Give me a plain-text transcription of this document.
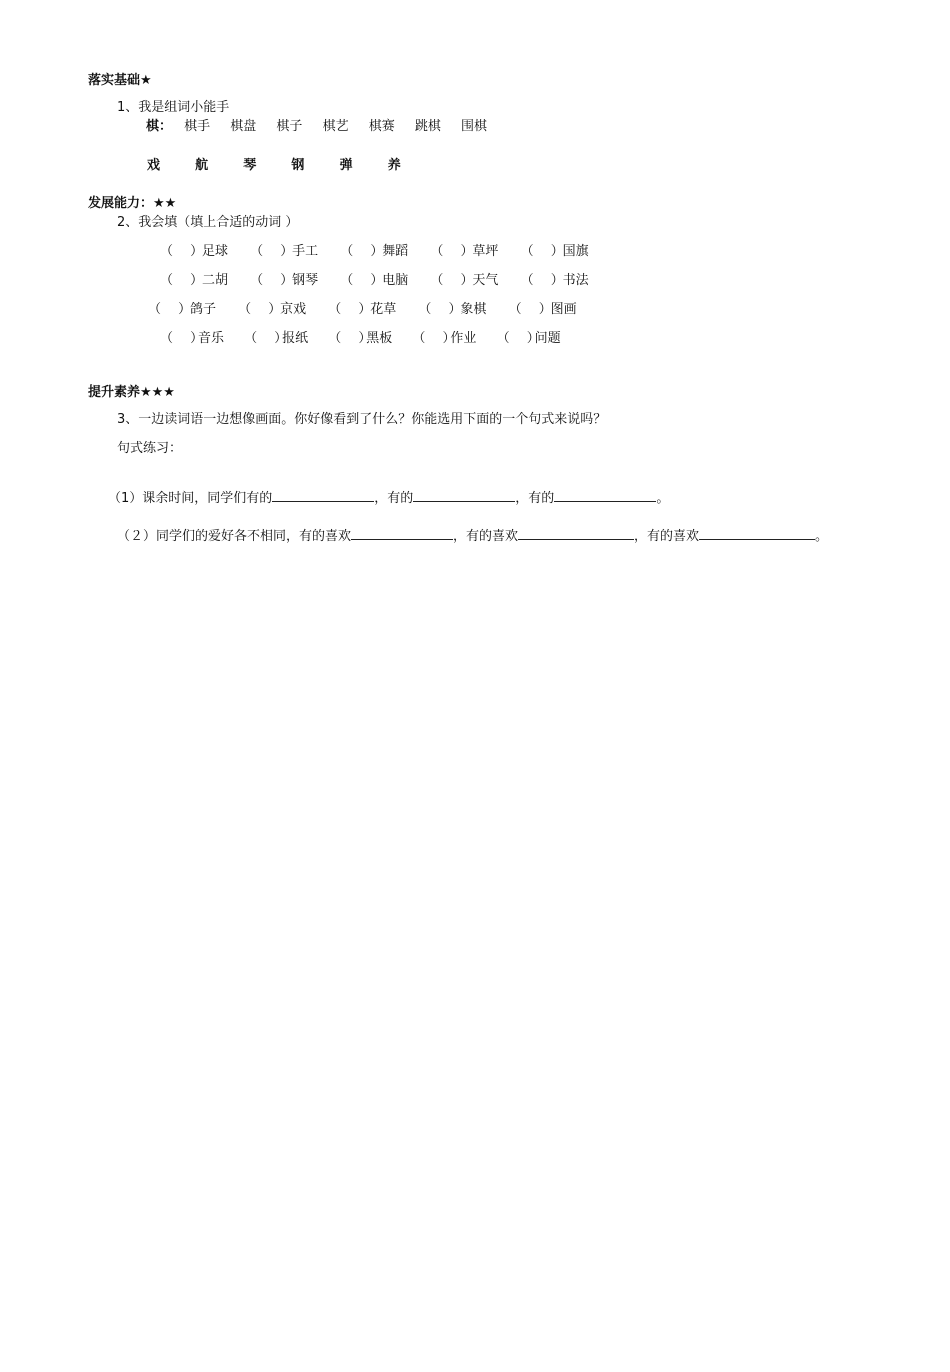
落实基础★
1、我是组词小能手
棋： 棋手 棋盘 棋子 棋艺 棋赛 跳棋 围棋
戏	航	琴	钢	弹	养
发展能力：★★
2、我会填（填上合适的动词 ）
（　 ）足球 （　 ）手工 （　 ）舞蹈 （　 ）草坪 （　 ）国旗
（　 ）二胡 （　 ）钢琴 （　 ）电脑 （　 ）天气 （　 ）书法
（　 ）鸽子 （　 ）京戏 （　 ）花草 （　 ）象棋 （　 ）图画
（　 ）音乐 （　 ）报纸 （　 ）黑板 （　 ）作业 （　 ）问题
提升素养★★★
3、一边读词语一边想像画面。你好像看到了什么？你能选用下面的一个句式来说吗？
句式练习：
（1）课余时间，同学们有的	，有的	，有的	。
（２）同学们的爱好各不相同，有的喜欢	，有的喜欢	，有的喜欢	。
